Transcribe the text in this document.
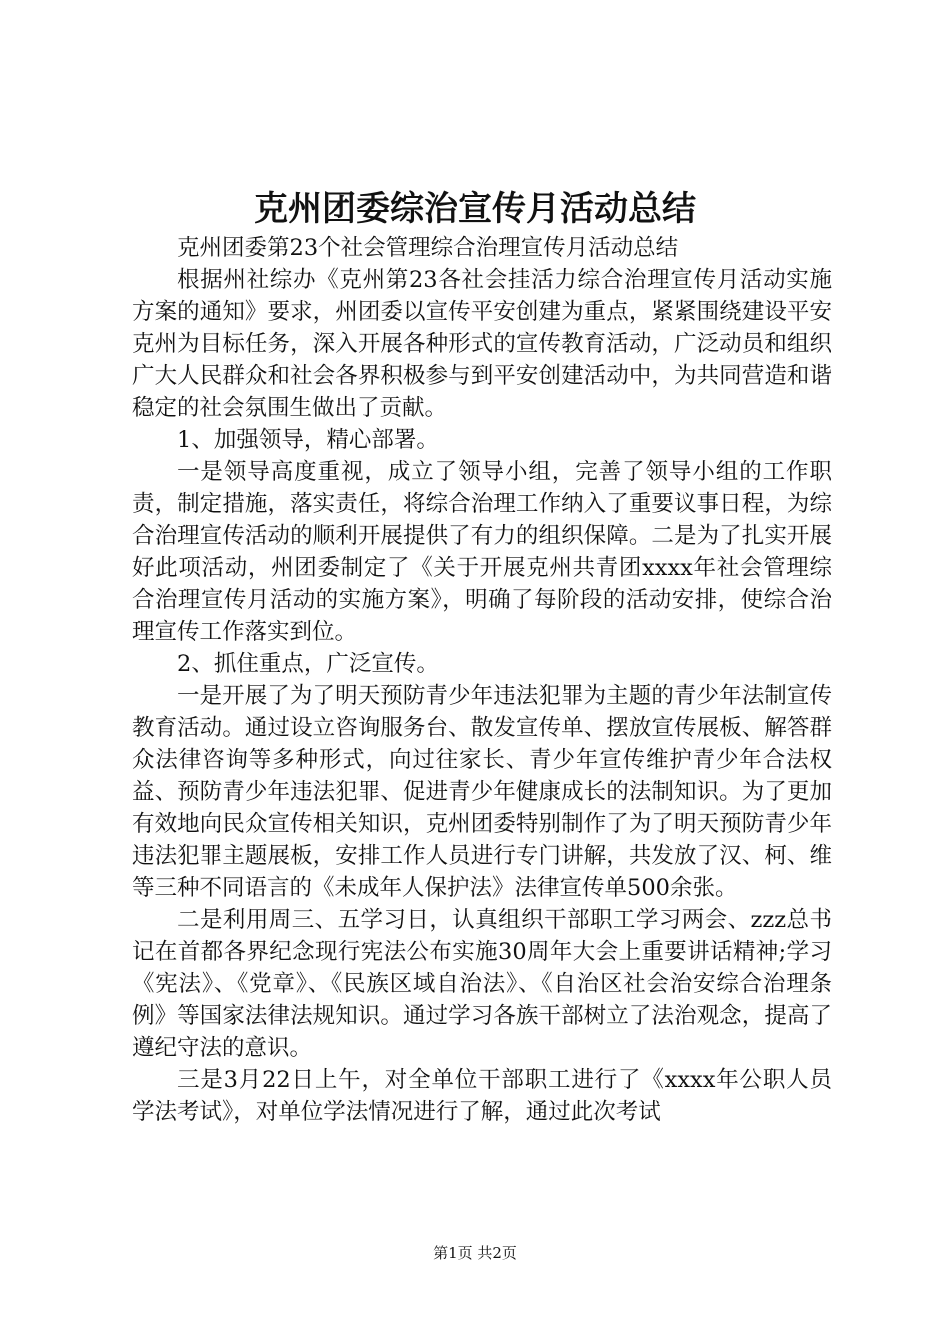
克州团委综治宣传月活动总结

克州团委第23个社会管理综合治理宣传月活动总结

根据州社综办《克州第23各社会挂活力综合治理宣传月活动实施方案的通知》要求，州团委以宣传平安创建为重点，紧紧围绕建设平安克州为目标任务，深入开展各种形式的宣传教育活动，广泛动员和组织广大人民群众和社会各界积极参与到平安创建活动中，为共同营造和谐稳定的社会氛围生做出了贡献。

1、加强领导，精心部署。

一是领导高度重视，成立了领导小组，完善了领导小组的工作职责，制定措施，落实责任，将综合治理工作纳入了重要议事日程，为综合治理宣传活动的顺利开展提供了有力的组织保障。二是为了扎实开展好此项活动，州团委制定了《关于开展克州共青团xxxx年社会管理综合治理宣传月活动的实施方案》，明确了每阶段的活动安排，使综合治理宣传工作落实到位。

2、抓住重点，广泛宣传。

一是开展了为了明天预防青少年违法犯罪为主题的青少年法制宣传教育活动。通过设立咨询服务台、散发宣传单、摆放宣传展板、解答群众法律咨询等多种形式，向过往家长、青少年宣传维护青少年合法权益、预防青少年违法犯罪、促进青少年健康成长的法制知识。为了更加有效地向民众宣传相关知识，克州团委特别制作了为了明天预防青少年违法犯罪主题展板，安排工作人员进行专门讲解，共发放了汉、柯、维等三种不同语言的《未成年人保护法》法律宣传单500余张。

二是利用周三、五学习日，认真组织干部职工学习两会、zzz总书记在首都各界纪念现行宪法公布实施30周年大会上重要讲话精神;学习《宪法》、《党章》、《民族区域自治法》、《自治区社会治安综合治理条例》等国家法律法规知识。通过学习各族干部树立了法治观念，提高了遵纪守法的意识。

三是3月22日上午，对全单位干部职工进行了《xxxx年公职人员学法考试》，对单位学法情况进行了解，通过此次考试

第1页 共2页
